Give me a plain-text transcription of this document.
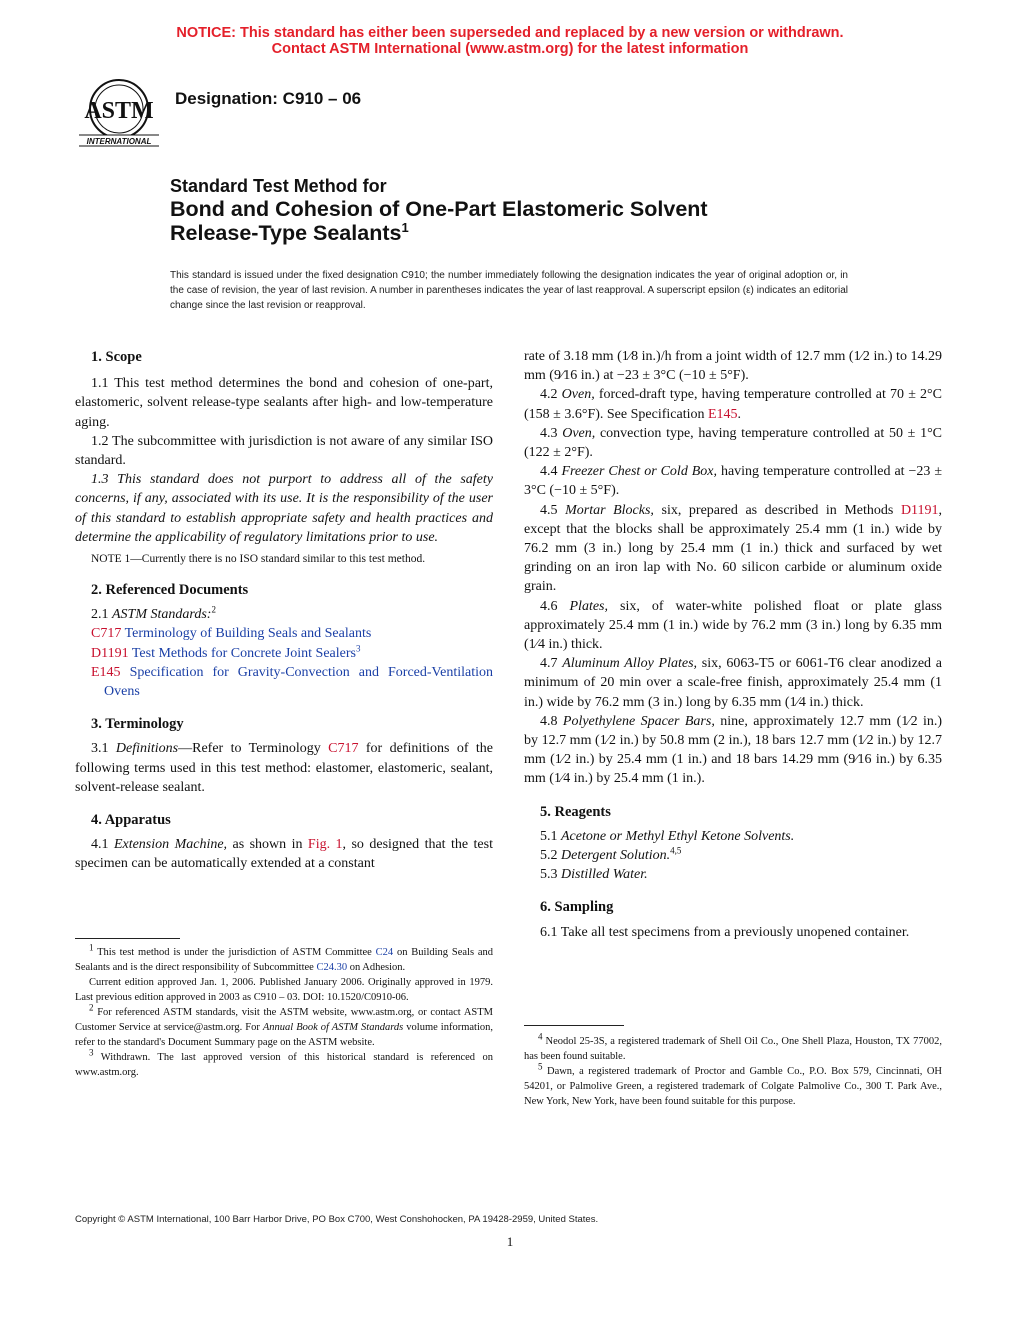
NOTICE: This standard has either been superseded and replaced by a new version or withdrawn.
Contact ASTM International (www.astm.org) for the latest information
ASTM
INTERNATIONAL
Designation: C910 – 06
Standard Test Method for
Bond and Cohesion of One-Part Elastomeric Solvent
Release-Type Sealants$^1$
This standard is issued under the fixed designation C910; the number immediately following the designation indicates the year of original adoption or, in the case of revision, the year of last revision. A number in parentheses indicates the year of last reapproval. A superscript epsilon (ε) indicates an editorial change since the last revision or reapproval.

1. Scope

1.1 This test method determines the bond and cohesion of one-part, elastomeric, solvent release-type sealants after high- and low-temperature aging.

1.2 The subcommittee with jurisdiction is not aware of any similar ISO standard.

1.3 This standard does not purport to address all of the safety concerns, if any, associated with its use. It is the responsibility of the user of this standard to establish appropriate safety and health practices and determine the applicability of regulatory limitations prior to use.

NOTE 1—Currently there is no ISO standard similar to this test method.

2. Referenced Documents

2.1 ASTM Standards:$^2$

C717 Terminology of Building Seals and Sealants
D1191 Test Methods for Concrete Joint Sealers$^3$
E145 Specification for Gravity-Convection and Forced-Ventilation Ovens

3. Terminology

3.1 Definitions—Refer to Terminology C717 for definitions of the following terms used in this test method: elastomer, elastomeric, sealant, solvent-release sealant.

4. Apparatus

4.1 Extension Machine, as shown in Fig. 1, so designed that the test specimen can be automatically extended at a constant

$^1$ This test method is under the jurisdiction of ASTM Committee C24 on Building Seals and Sealants and is the direct responsibility of Subcommittee C24.30 on Adhesion.

Current edition approved Jan. 1, 2006. Published January 2006. Originally approved in 1979. Last previous edition approved in 2003 as C910 – 03. DOI: 10.1520/C0910-06.

$^2$ For referenced ASTM standards, visit the ASTM website, www.astm.org, or contact ASTM Customer Service at service@astm.org. For Annual Book of ASTM Standards volume information, refer to the standard's Document Summary page on the ASTM website.

$^3$ Withdrawn. The last approved version of this historical standard is referenced on www.astm.org.

rate of 3.18 mm (1⁄8 in.)/h from a joint width of 12.7 mm (1⁄2 in.) to 14.29 mm (9⁄16 in.) at −23 ± 3°C (−10 ± 5°F).

4.2 Oven, forced-draft type, having temperature controlled at 70 ± 2°C (158 ± 3.6°F). See Specification E145.

4.3 Oven, convection type, having temperature controlled at 50 ± 1°C (122 ± 2°F).

4.4 Freezer Chest or Cold Box, having temperature controlled at −23 ± 3°C (−10 ± 5°F).

4.5 Mortar Blocks, six, prepared as described in Methods D1191, except that the blocks shall be approximately 25.4 mm (1 in.) wide by 76.2 mm (3 in.) long by 25.4 mm (1 in.) thick and surfaced by wet grinding on an iron lap with No. 60 silicon carbide or aluminum oxide grain.

4.6 Plates, six, of water-white polished float or plate glass approximately 25.4 mm (1 in.) wide by 76.2 mm (3 in.) long by 6.35 mm (1⁄4 in.) thick.

4.7 Aluminum Alloy Plates, six, 6063-T5 or 6061-T6 clear anodized a minimum of 20 min over a scale-free finish, approximately 25.4 mm (1 in.) wide by 76.2 mm (3 in.) long by 6.35 mm (1⁄4 in.) thick.

4.8 Polyethylene Spacer Bars, nine, approximately 12.7 mm (1⁄2 in.) by 12.7 mm (1⁄2 in.) by 50.8 mm (2 in.), 18 bars 12.7 mm (1⁄2 in.) by 12.7 mm (1⁄2 in.) by 25.4 mm (1 in.) and 18 bars 14.29 mm (9⁄16 in.) by 6.35 mm (1⁄4 in.) by 25.4 mm (1 in.).

5. Reagents

5.1 Acetone or Methyl Ethyl Ketone Solvents.

5.2 Detergent Solution.$^{4,5}$

5.3 Distilled Water.

6. Sampling

6.1 Take all test specimens from a previously unopened container.

$^4$ Neodol 25-3S, a registered trademark of Shell Oil Co., One Shell Plaza, Houston, TX 77002, has been found suitable.

$^5$ Dawn, a registered trademark of Proctor and Gamble Co., P.O. Box 579, Cincinnati, OH 54201, or Palmolive Green, a registered trademark of Colgate Palmolive Co., 300 T. Park Ave., New York, New York, have been found suitable for this purpose.

Copyright © ASTM International, 100 Barr Harbor Drive, PO Box C700, West Conshohocken, PA 19428-2959, United States.
1
